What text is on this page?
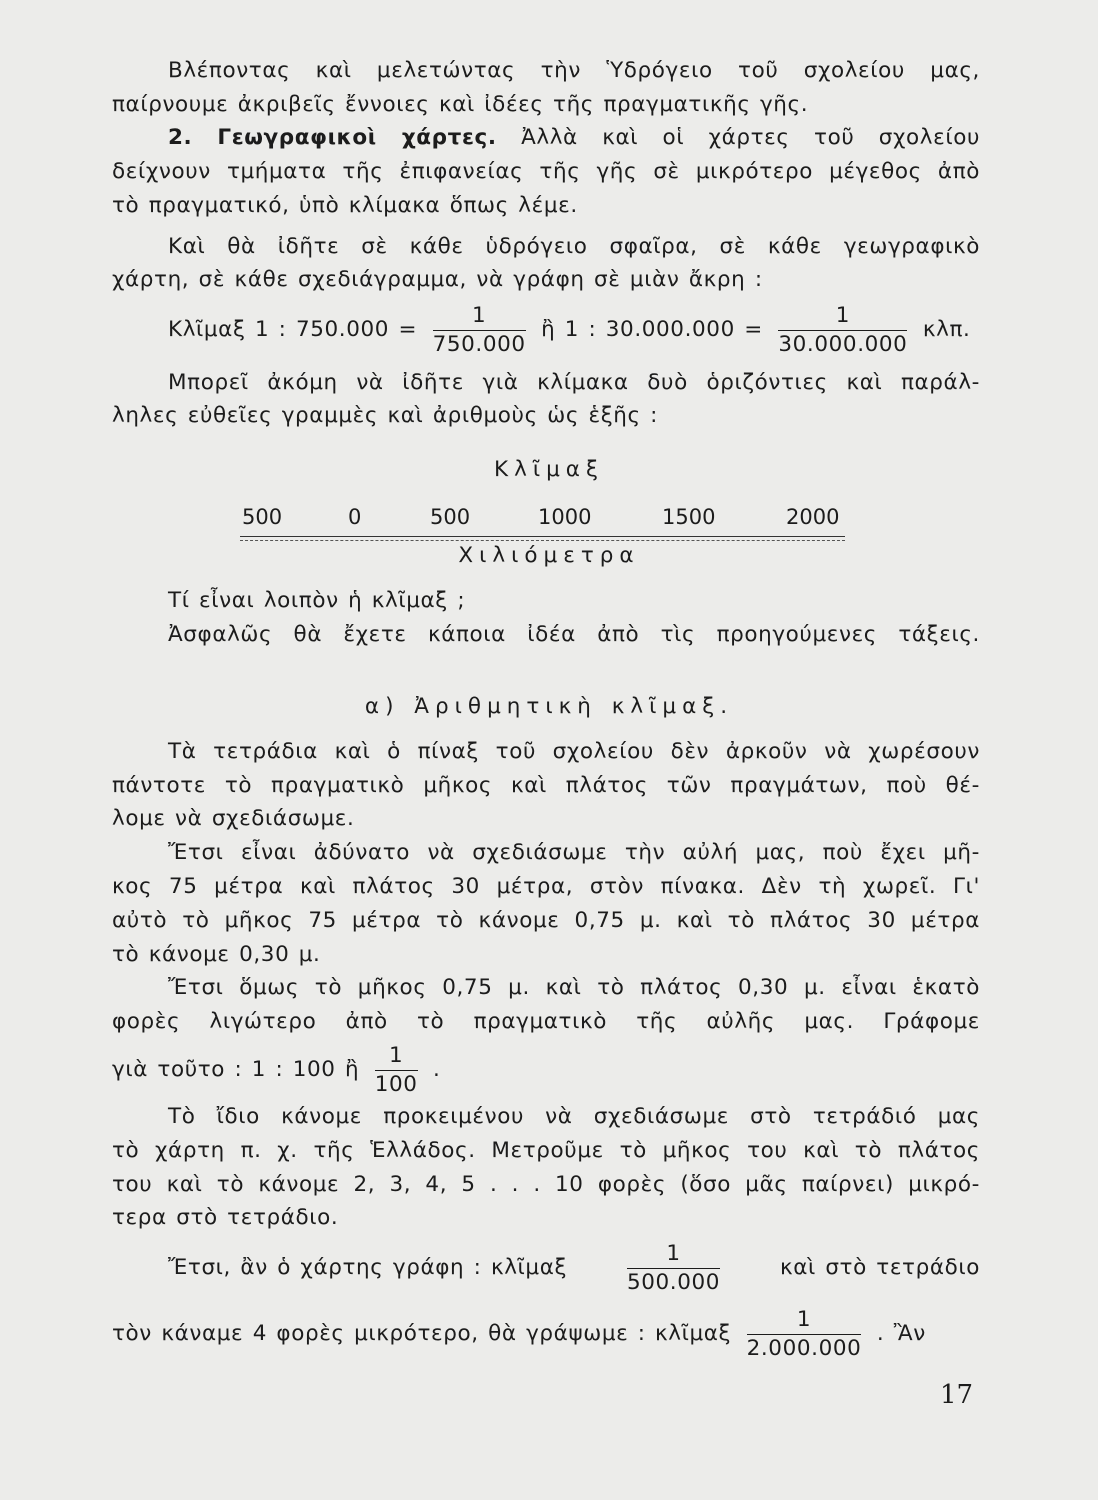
Βλέποντας καὶ μελετώντας τὴν Ὑδρόγειο τοῦ σχολείου μας,
παίρνουμε ἀκριβεῖς ἔννοιες καὶ ἰδέες τῆς πραγματικῆς γῆς.
2. Γεωγραφικοὶ χάρτες. Ἀλλὰ καὶ οἱ χάρτες τοῦ σχολείου
δείχνουν τμήματα τῆς ἐπιφανείας τῆς γῆς σὲ μικρότερο μέγεθος ἀπὸ
τὸ πραγματικό, ὑπὸ κλίμακα ὅπως λέμε.
Καὶ θὰ ἰδῆτε σὲ κάθε ὑδρόγειο σφαῖρα, σὲ κάθε γεωγραφικὸ
χάρτη, σὲ κάθε σχεδιάγραμμα, νὰ γράφη σὲ μιὰν ἄκρη :
Κλῖμαξ 1 : $750.000 = \frac{1}{750.000}$ ἢ 1 : $30.000.000 = \frac{1}{30.000.000} \kappa\lambda\pi$.
Μπορεῖ ἀκόμη νὰ ἰδῆτε γιὰ κλίμακα δυὸ ὁριζόντιες καὶ παράλ-
ληλες εὐθεῖες γραμμὲς καὶ ἀριθμοὺς ὡς ἑξῆς :
Κλῖμαξ
500	0	500	1000	1500	2000
Χιλιόμετρα
Τί εἶναι λοιπὸν ἡ κλῖμαξ ;
Ἀσφαλῶς θὰ ἔχετε κάποια ἰδέα ἀπὸ τὶς προηγούμενες τάξεις.
α) Ἀριθμητικὴ κλῖμαξ.
Τὰ τετράδια καὶ ὁ πίναξ τοῦ σχολείου δὲν ἀρκοῦν νὰ χωρέσουν
πάντοτε τὸ πραγματικὸ μῆκος καὶ πλάτος τῶν πραγμάτων, ποὺ θέ-
λομε νὰ σχεδιάσωμε.
Ἔτσι εἶναι ἀδύνατο νὰ σχεδιάσωμε τὴν αὐλή μας, ποὺ ἔχει μῆ-
κος 75 μέτρα καὶ πλάτος 30 μέτρα, στὸν πίνακα. Δὲν τὴ χωρεῖ. Γι'
αὐτὸ τὸ μῆκος 75 μέτρα τὸ κάνομε 0,75 μ. καὶ τὸ πλάτος 30 μέτρα
τὸ κάνομε 0,30 μ.
Ἔτσι ὅμως τὸ μῆκος 0,75 μ. καὶ τὸ πλάτος 0,30 μ. εἶναι ἑκατὸ
φορὲς λιγώτερο ἀπὸ τὸ πραγματικὸ τῆς αὐλῆς μας. Γράφομε
γιὰ τοῦτο : 1 : 100 ἢ $\frac{1}{100}$ .
Τὸ ἴδιο κάνομε προκειμένου νὰ σχεδιάσωμε στὸ τετράδιό μας
τὸ χάρτη π. χ. τῆς Ἑλλάδος. Μετροῦμε τὸ μῆκος του καὶ τὸ πλάτος
του καὶ τὸ κάνομε 2, 3, 4, 5 . . . 10 φορὲς (ὅσο μᾶς παίρνει) μικρό-
τερα στὸ τετράδιο.
Ἔτσι, ἂν ὁ χάρτης γράφη : κλῖμαξ	$\frac{1}{500.000}$	καὶ στὸ τετράδιο
τὸν κάναμε 4 φορὲς μικρότερο, θὰ γράψωμε : κλῖμαξ $\frac{1}{2.000.000}$ . Ἂν
17
